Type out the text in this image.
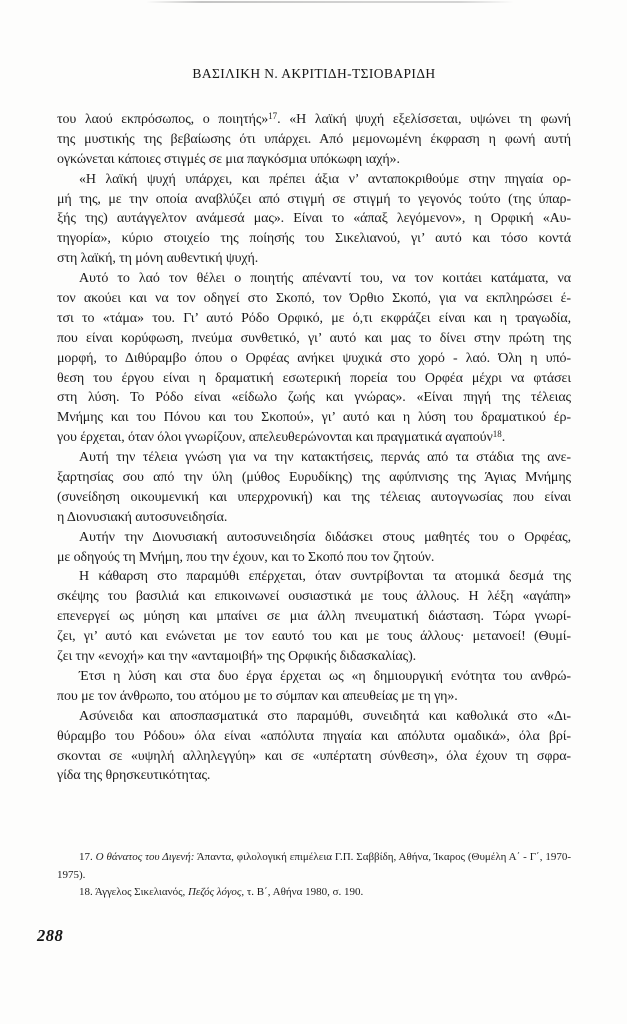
ΒΑΣΙΛΙΚΗ Ν. ΑΚΡΙΤΙΔΗ-ΤΣΙΟΒΑΡΙΔΗ
του λαού εκπρόσωπος, ο ποιητής»$^{17}$. «Η λαϊκή ψυχή εξελίσσεται, υψώνει τη φωνή
της μυστικής της βεβαίωσης ότι υπάρχει. Από μεμονωμένη έκφραση η φωνή αυτή
ογκώνεται κάποιες στιγμές σε μια παγκόσμια υπόκωφη ιαχή».
«Η λαϊκή ψυχή υπάρχει, και πρέπει άξια ν’ ανταποκριθούμε στην πηγαία ορ-
μή της, με την οποία αναβλύζει από στιγμή σε στιγμή το γεγονός τούτο (της ύπαρ-
ξής της) αυτάγγελτον ανάμεσά μας». Είναι το «άπαξ λεγόμενον», η Ορφική «Αυ-
τηγορία», κύριο στοιχείο της ποίησής του Σικελιανού, γι’ αυτό και τόσο κοντά
στη λαϊκή, τη μόνη αυθεντική ψυχή.
Αυτό το λαό τον θέλει ο ποιητής απέναντί του, να τον κοιτάει κατάματα, να
τον ακούει και να τον οδηγεί στο Σκοπό, τον Όρθιο Σκοπό, για να εκπληρώσει έ-
τσι το «τάμα» του. Γι’ αυτό Ρόδο Ορφικό, με ό,τι εκφράζει είναι και η τραγωδία,
που είναι κορύφωση, πνεύμα συνθετικό, γι’ αυτό και μας το δίνει στην πρώτη της
μορφή, το Διθύραμβο όπου ο Ορφέας ανήκει ψυχικά στο χορό - λαό. Όλη η υπό-
θεση του έργου είναι η δραματική εσωτερική πορεία του Ορφέα μέχρι να φτάσει
στη λύση. Το Ρόδο είναι «είδωλο ζωής και γνώρας». «Είναι πηγή της τέλειας
Μνήμης και του Πόνου και του Σκοπού», γι’ αυτό και η λύση του δραματικού έρ-
γου έρχεται, όταν όλοι γνωρίζουν, απελευθερώνονται και πραγματικά αγαπούν$^{18}$.
Αυτή την τέλεια γνώση για να την κατακτήσεις, περνάς από τα στάδια της ανε-
ξαρτησίας σου από την ύλη (μύθος Ευρυδίκης) της αφύπνισης της Άγιας Μνήμης
(συνείδηση οικουμενική και υπερχρονική) και της τέλειας αυτογνωσίας που είναι
η Διονυσιακή αυτοσυνειδησία.
Αυτήν την Διονυσιακή αυτοσυνειδησία διδάσκει στους μαθητές του ο Ορφέας,
με οδηγούς τη Μνήμη, που την έχουν, και το Σκοπό που τον ζητούν.
Η κάθαρση στο παραμύθι επέρχεται, όταν συντρίβονται τα ατομικά δεσμά της
σκέψης του βασιλιά και επικοινωνεί ουσιαστικά με τους άλλους. Η λέξη «αγάπη»
επενεργεί ως μύηση και μπαίνει σε μια άλλη πνευματική διάσταση. Τώρα γνωρί-
ζει, γι’ αυτό και ενώνεται με τον εαυτό του και με τους άλλους· μετανοεί! (Θυμί-
ζει την «ενοχή» και την «ανταμοιβή» της Ορφικής διδασκαλίας).
Έτσι η λύση και στα δυο έργα έρχεται ως «η δημιουργική ενότητα του ανθρώ-
που με τον άνθρωπο, του ατόμου με το σύμπαν και απευθείας με τη γη».
Ασύνειδα και αποσπασματικά στο παραμύθι, συνειδητά και καθολικά στο «Δι-
θύραμβο του Ρόδου» όλα είναι «απόλυτα πηγαία και απόλυτα ομαδικά», όλα βρί-
σκονται σε «υψηλή αλληλεγγύη» και σε «υπέρτατη σύνθεση», όλα έχουν τη σφρα-
γίδα της θρησκευτικότητας.
17. Ο θάνατος του Διγενή: Άπαντα, φιλολογική επιμέλεια Γ.Π. Σαββίδη, Αθήνα, Ίκαρος (Θυμέλη Α΄ - Γ΄, 1970-1975).
18. Άγγελος Σικελιανός, Πεζός λόγος, τ. Β΄, Αθήνα 1980, σ. 190.
288
